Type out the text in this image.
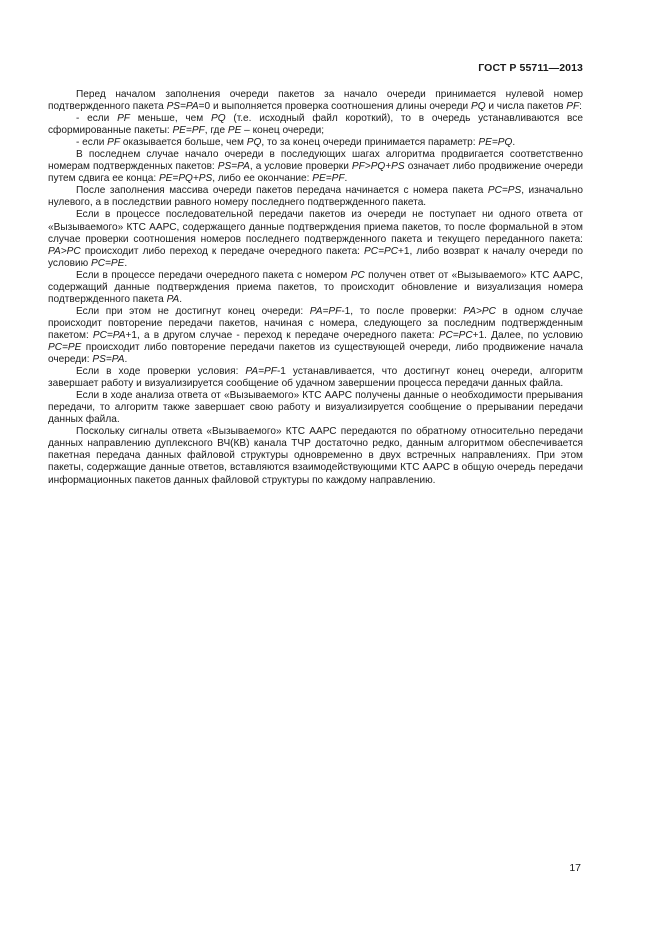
ГОСТ Р 55711—2013

Перед началом заполнения очереди пакетов за начало очереди принимается нулевой номер подтвержденного пакета PS=PA=0 и выполняется проверка соотношения длины очереди PQ и числа пакетов PF:

- если PF меньше, чем PQ (т.е. исходный файл короткий), то в очередь устанавливаются все сформированные пакеты: PE=PF, где PE – конец очереди;

- если PF оказывается больше, чем PQ, то за конец очереди принимается параметр: PE=PQ.

В последнем случае начало очереди в последующих шагах алгоритма продвигается соответственно номерам подтвержденных пакетов: PS=PA, а условие проверки PF>PQ+PS означает либо продвижение очереди путем сдвига ее конца: PE=PQ+PS, либо ее окончание: PE=PF.

После заполнения массива очереди пакетов передача начинается с номера пакета PC=PS, изначально нулевого, а в последствии равного номеру последнего подтвержденного пакета.

Если в процессе последовательной передачи пакетов из очереди не поступает ни одного ответа от «Вызываемого» КТС ААРС, содержащего данные подтверждения приема пакетов, то после формальной в этом случае проверки соотношения номеров последнего подтвержденного пакета и текущего переданного пакета: PA>PC происходит либо переход к передаче очередного пакета: PC=PC+1, либо возврат к началу очереди по условию PC=PE.

Если в процессе передачи очередного пакета с номером PC получен ответ от «Вызываемого» КТС ААРС, содержащий данные подтверждения приема пакетов, то происходит обновление и визуализация номера подтвержденного пакета PA.

Если при этом не достигнут конец очереди: PA=PF-1, то после проверки: PA>PC в одном случае происходит повторение передачи пакетов, начиная с номера, следующего за последним подтвержденным пакетом: PC=PA+1, а в другом случае - переход к передаче очередного пакета: PC=PC+1. Далее, по условию PC=PE происходит либо повторение передачи пакетов из существующей очереди, либо продвижение начала очереди: PS=PA.

Если в ходе проверки условия: PA=PF-1 устанавливается, что достигнут конец очереди, алгоритм завершает работу и визуализируется сообщение об удачном завершении процесса передачи данных файла.

Если в ходе анализа ответа от «Вызываемого» КТС ААРС получены данные о необходимости прерывания передачи, то алгоритм также завершает свою работу и визуализируется сообщение о прерывании передачи данных файла.

Поскольку сигналы ответа «Вызываемого» КТС ААРС передаются по обратному относительно передачи данных направлению дуплексного ВЧ(КВ) канала ТЧР достаточно редко, данным алгоритмом обеспечивается пакетная передача данных файловой структуры одновременно в двух встречных направлениях. При этом пакеты, содержащие данные ответов, вставляются взаимодействующими КТС ААРС в общую очередь передачи информационных пакетов данных файловой структуры по каждому направлению.

17
